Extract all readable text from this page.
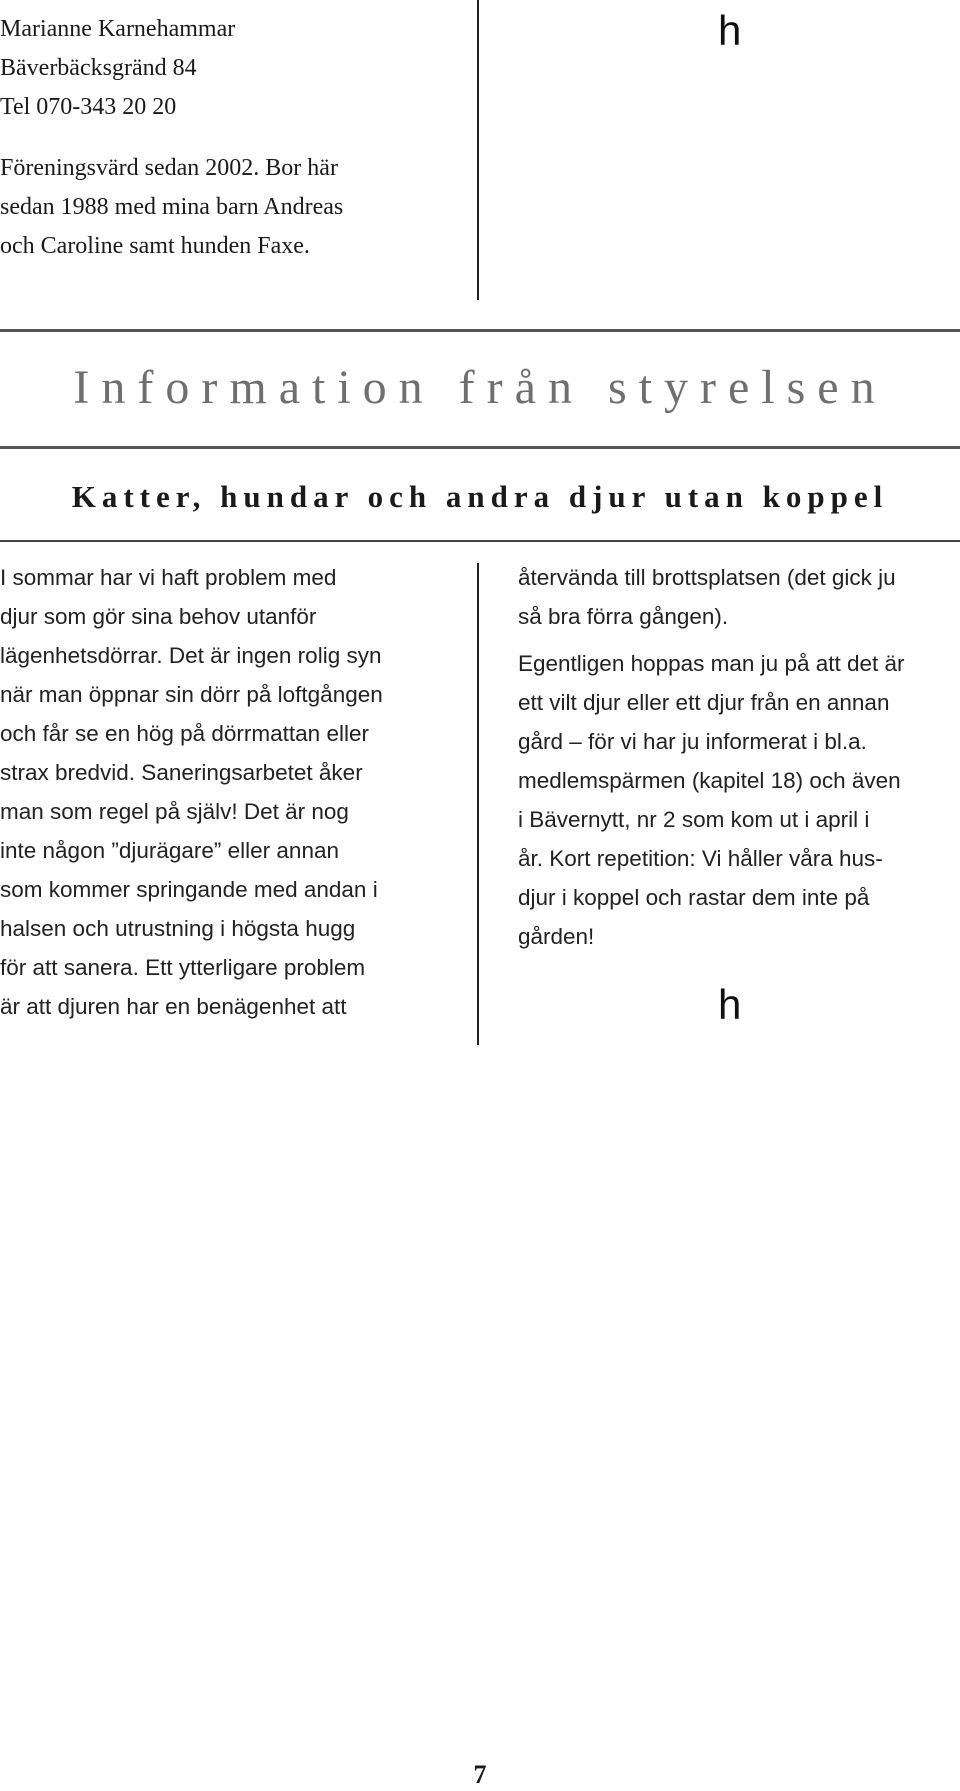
Marianne Karnehammar
Bäverbäcksgränd 84
Tel 070-343 20 20
Föreningsvärd sedan 2002. Bor här
sedan 1988 med mina barn Andreas
och Caroline samt hunden Faxe.
h
Information från styrelsen
Katter, hundar och andra djur utan koppel
I sommar har vi haft problem med
djur som gör sina behov utanför
lägenhetsdörrar. Det är ingen rolig syn
när man öppnar sin dörr på loftgången
och får se en hög på dörrmattan eller
strax bredvid. Saneringsarbetet åker
man som regel på själv! Det är nog
inte någon ”djurägare” eller annan
som kommer springande med andan i
halsen och utrustning i högsta hugg
för att sanera. Ett ytterligare problem
är att djuren har en benägenhet att
återvända till brottsplatsen (det gick ju
så bra förra gången).
Egentligen hoppas man ju på att det är
ett vilt djur eller ett djur från en annan
gård – för vi har ju informerat i bl.a.
medlemspärmen (kapitel 18) och även
i Bävernytt, nr 2 som kom ut i april i
år. Kort repetition: Vi håller våra hus-
djur i koppel och rastar dem inte på
gården!
h
7
